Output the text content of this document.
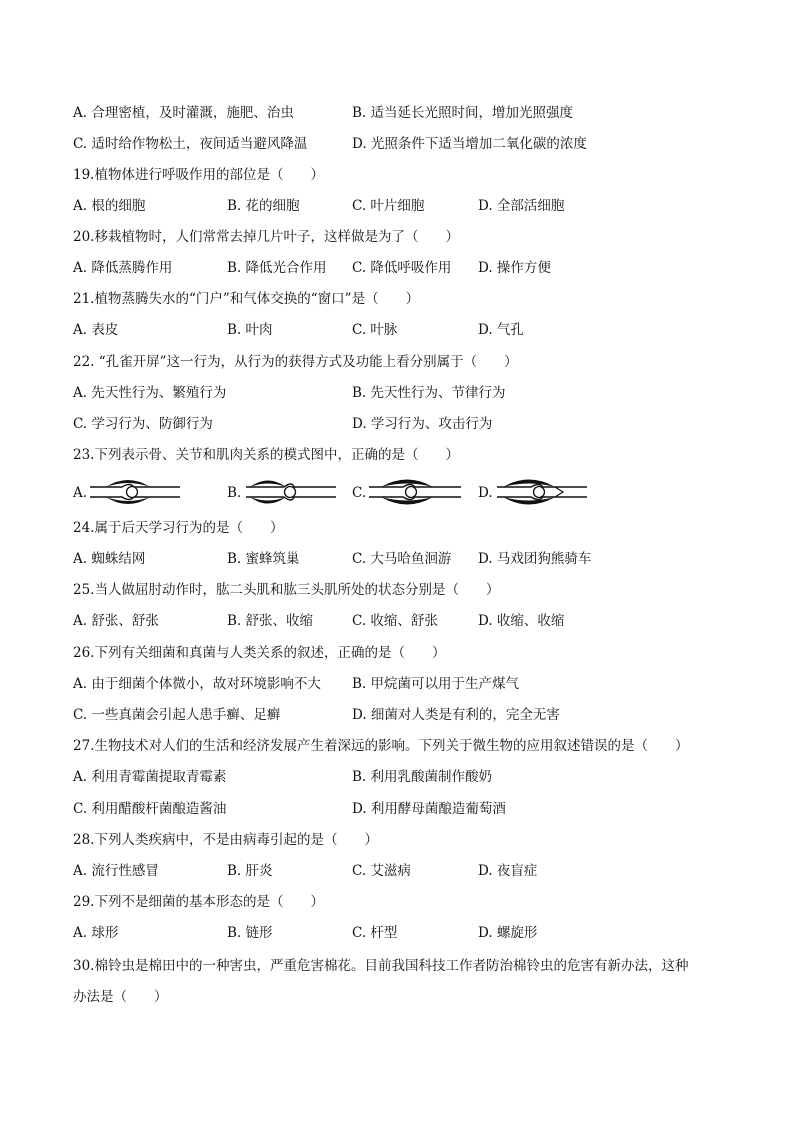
A. 合理密植，及时灌溉，施肥、治虫	B. 适当延长光照时间，增加光照强度
C. 适时给作物松土，夜间适当避风降温	D. 光照条件下适当增加二氧化碳的浓度
19.植物体进行呼吸作用的部位是（　　）
A. 根的细胞	B. 花的细胞	C. 叶片细胞	D. 全部活细胞
20.移栽植物时，人们常常去掉几片叶子，这样做是为了（　　）
A. 降低蒸腾作用	B. 降低光合作用 C. 降低呼吸作用 D. 操作方便
21.植物蒸腾失水的“门户”和气体交换的“窗口”是（　　）
A. 表皮	B. 叶肉	C. 叶脉	D. 气孔
22. “孔雀开屏”这一行为，从行为的获得方式及功能上看分别属于（　　）
A. 先天性行为、繁殖行为	B. 先天性行为、节律行为
C. 学习行为、防御行为	D. 学习行为、攻击行为
23.下列表示骨、关节和肌肉关系的模式图中，正确的是（　　）
A.	B.	C.	D.
24.属于后天学习行为的是（　　）
A. 蜘蛛结网	B. 蜜蜂筑巢	C. 大马哈鱼洄游 D. 马戏团狗熊骑车
25.当人做屈肘动作时，肱二头肌和肱三头肌所处的状态分别是（　　）
A. 舒张、舒张	B. 舒张、收缩	C. 收缩、舒张	D. 收缩、收缩
26.下列有关细菌和真菌与人类关系的叙述，正确的是（　　）
A. 由于细菌个体微小，故对环境影响不大 B. 甲烷菌可以用于生产煤气
C. 一些真菌会引起人患手癣、足癣	D. 细菌对人类是有利的，完全无害
27.生物技术对人们的生活和经济发展产生着深远的影响。下列关于微生物的应用叙述错误的是（　　）
A. 利用青霉菌提取青霉素	B. 利用乳酸菌制作酸奶
C. 利用醋酸杆菌酿造酱油	D. 利用酵母菌酿造葡萄酒
28.下列人类疾病中，不是由病毒引起的是（　　）
A. 流行性感冒	B. 肝炎	C. 艾滋病	D. 夜盲症
29.下列不是细菌的基本形态的是（　　）
A. 球形	B. 链形	C. 杆型	D. 螺旋形
30.棉铃虫是棉田中的一种害虫，严重危害棉花。目前我国科技工作者防治棉铃虫的危害有新办法，这种
办法是（　　）
